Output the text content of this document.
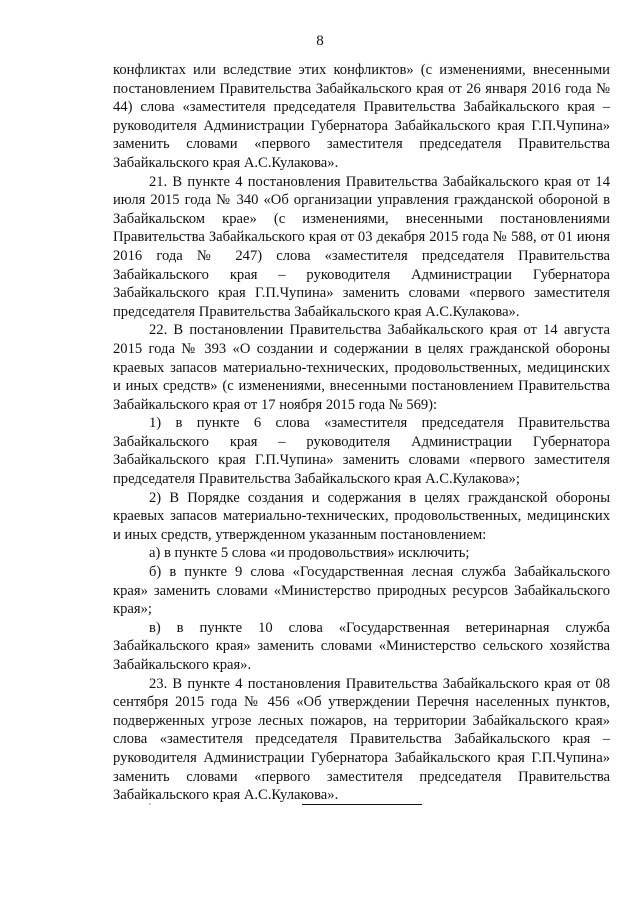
8

конфликтах или вследствие этих конфликтов» (с изменениями, внесенными постановлением Правительства Забайкальского края от 26 января 2016 года № 44) слова «заместителя председателя Правительства Забайкальского края – руководителя Администрации Губернатора Забайкальского края Г.П.Чупина» заменить словами «первого заместителя председателя Правительства Забайкальского края А.С.Кулакова».

21. В пункте 4 постановления Правительства Забайкальского края от 14 июля 2015 года № 340 «Об организации управления гражданской обороной в Забайкальском крае» (с изменениями, внесенными постановлениями Правительства Забайкальского края от 03 декабря 2015 года № 588, от 01 июня 2016 года № 247) слова «заместителя председателя Правительства Забайкальского края – руководителя Администрации Губернатора Забайкальского края Г.П.Чупина» заменить словами «первого заместителя председателя Правительства Забайкальского края А.С.Кулакова».

22. В постановлении Правительства Забайкальского края от 14 августа 2015 года № 393 «О создании и содержании в целях гражданской обороны краевых запасов материально-технических, продовольственных, медицинских и иных средств» (с изменениями, внесенными постановлением Правительства Забайкальского края от 17 ноября 2015 года № 569):

1) в пункте 6 слова «заместителя председателя Правительства Забайкальского края – руководителя Администрации Губернатора Забайкальского края Г.П.Чупина» заменить словами «первого заместителя председателя Правительства Забайкальского края А.С.Кулакова»;

2) В Порядке создания и содержания в целях гражданской обороны краевых запасов материально-технических, продовольственных, медицинских и иных средств, утвержденном указанным постановлением:

а) в пункте 5 слова «и продовольствия» исключить;

б) в пункте 9 слова «Государственная лесная служба Забайкальского края» заменить словами «Министерство природных ресурсов Забайкальского края»;

в) в пункте 10 слова «Государственная ветеринарная служба Забайкальского края» заменить словами «Министерство сельского хозяйства Забайкальского края».

23. В пункте 4 постановления Правительства Забайкальского края от 08 сентября 2015 года № 456 «Об утверждении Перечня населенных пунктов, подверженных угрозе лесных пожаров, на территории Забайкальского края» слова «заместителя председателя Правительства Забайкальского края – руководителя Администрации Губернатора Забайкальского края Г.П.Чупина» заменить словами «первого заместителя председателя Правительства Забайкальского края А.С.Кулакова».
